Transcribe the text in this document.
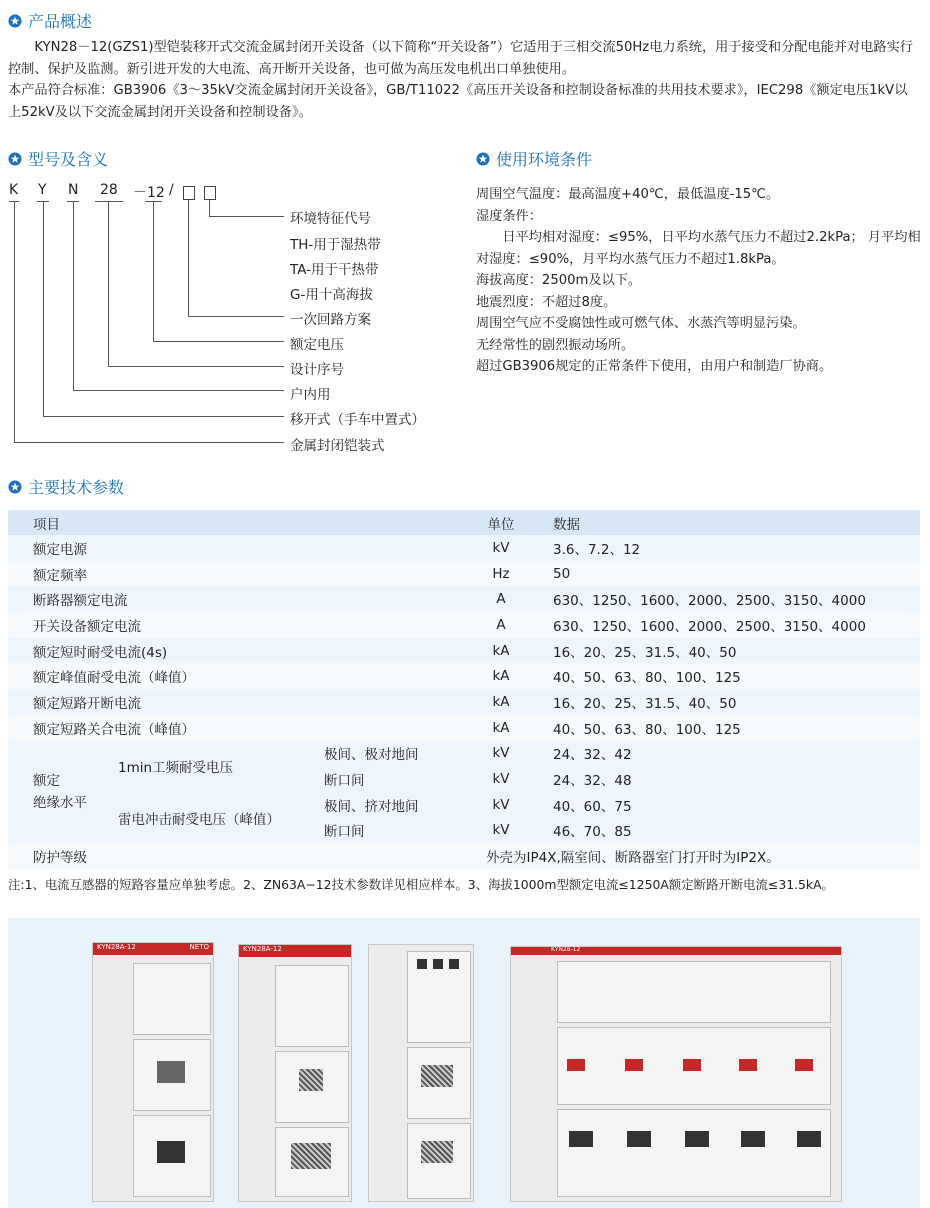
产品概述

KYN28－12(GZS1)型铠装移开式交流金属封闭开关设备（以下简称“开关设备”）它适用于三相交流50Hz电力系统，用于接受和分配电能并对电路实行控制、保护及监测。新引进开发的大电流、高开断开关设备，也可做为高压发电机出口单独使用。

本产品符合标准：GB3906《3～35kV交流金属封闭开关设备》，GB/T11022《高压开关设备和控制设备标准的共用技术要求》，IEC298《额定电压1kV以上52kV及以下交流金属封闭开关设备和控制设备》。

型号及含义
K Y N 28 －12 /
环境特征代号
TH-用于湿热带
TA-用于干热带
G-用十高海拔
一次回路方案
额定电压
设计序号
户内用
移开式（手车中置式）
金属封闭铠装式
使用环境条件

周围空气温度：最高温度+40℃，最低温度-15℃。

湿度条件：

日平均相对湿度：≤95%，日平均水蒸气压力不超过2.2kPa； 月平均相对湿度：≤90%，月平均水蒸气压力不超过1.8kPa。

海拔高度：2500m及以下。

地震烈度：不超过8度。

周围空气应不受腐蚀性或可燃气体、水蒸汽等明显污染。

无经常性的剧烈振动场所。

超过GB3906规定的正常条件下使用，由用户和制造厂协商。

主要技术参数
项目			单位	数据
额定电源			kV	3.6、7.2、12
额定频率			Hz	50
断路器额定电流			A	630、1250、1600、2000、2500、3150、4000
开关设备额定电流			A	630、1250、1600、2000、2500、3150、4000
额定短时耐受电流(4s)			kA	16、20、25、31.5、40、50
额定峰值耐受电流（峰值）			kA	40、50、63、80、100、125
额定短路开断电流			kA	16、20、25、31.5、40、50
额定短路关合电流（峰值）			kA	40、50、63、80、100、125
额定
绝缘水平	1min工频耐受电压	极间、极对地间	kV	24、32、42
		断口间	kV	24、32、48
	雷电冲击耐受电压（峰值）	极间、挤对地间	kV	40、60、75
		断口间	kV	46、70、85
防护等级			外壳为IP4X,隔室间、断路器室门打开时为IP2X。	
注:1、电流互感器的短路容量应单独考虑。2、ZN63A−12技术参数详见相应样本。3、海拔1000m型额定电流≤1250A额定断路开断电流≤31.5kA。
KYN28A-12	NETO	KYN28A-12	KYN28-12
